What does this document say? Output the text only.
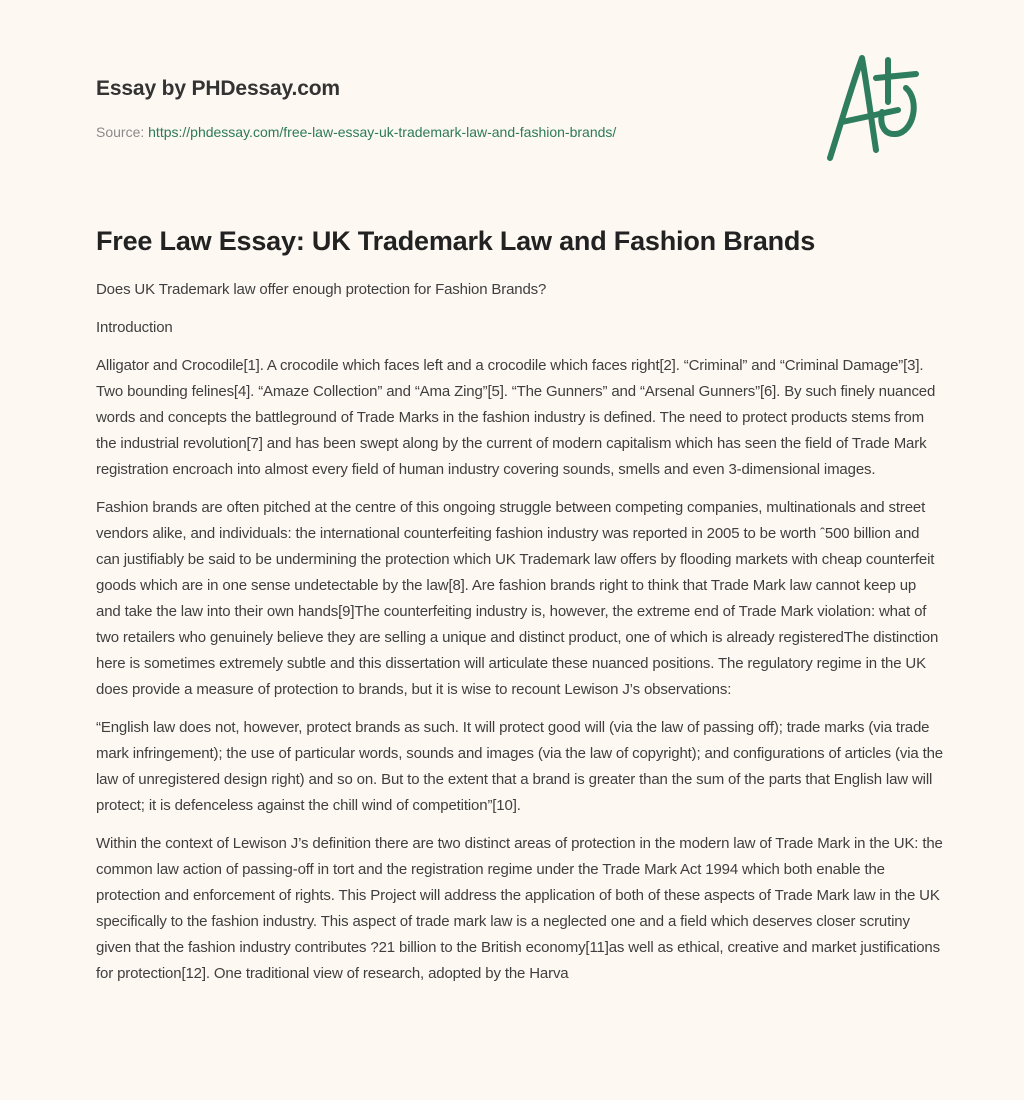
Essay by PHDessay.com

Source: https://phdessay.com/free-law-essay-uk-trademark-law-and-fashion-brands/
Free Law Essay: UK Trademark Law and Fashion Brands

Does UK Trademark law offer enough protection for Fashion Brands?

Introduction

Alligator and Crocodile[1]. A crocodile which faces left and a crocodile which faces right[2]. “Criminal” and “Criminal Damage”[3]. Two bounding felines[4]. “Amaze Collection” and “Ama Zing”[5]. “The Gunners” and “Arsenal Gunners”[6]. By such finely nuanced words and concepts the battleground of Trade Marks in the fashion industry is defined. The need to protect products stems from the industrial revolution[7] and has been swept along by the current of modern capitalism which has seen the field of Trade Mark registration encroach into almost every field of human industry covering sounds, smells and even 3-dimensional images.

Fashion brands are often pitched at the centre of this ongoing struggle between competing companies, multinationals and street vendors alike, and individuals: the international counterfeiting fashion industry was reported in 2005 to be worth ˆ500 billion and can justifiably be said to be undermining the protection which UK Trademark law offers by flooding markets with cheap counterfeit goods which are in one sense undetectable by the law[8]. Are fashion brands right to think that Trade Mark law cannot keep up and take the law into their own hands[9]The counterfeiting industry is, however, the extreme end of Trade Mark violation: what of two retailers who genuinely believe they are selling a unique and distinct product, one of which is already registeredThe distinction here is sometimes extremely subtle and this dissertation will articulate these nuanced positions. The regulatory regime in the UK does provide a measure of protection to brands, but it is wise to recount Lewison J’s observations:

“English law does not, however, protect brands as such. It will protect good will (via the law of passing off); trade marks (via trade mark infringement); the use of particular words, sounds and images (via the law of copyright); and configurations of articles (via the law of unregistered design right) and so on. But to the extent that a brand is greater than the sum of the parts that English law will protect; it is defenceless against the chill wind of competition”[10].

Within the context of Lewison J’s definition there are two distinct areas of protection in the modern law of Trade Mark in the UK: the common law action of passing-off in tort and the registration regime under the Trade Mark Act 1994 which both enable the protection and enforcement of rights. This Project will address the application of both of these aspects of Trade Mark law in the UK specifically to the fashion industry. This aspect of trade mark law is a neglected one and a field which deserves closer scrutiny given that the fashion industry contributes ?21 billion to the British economy[11]as well as ethical, creative and market justifications for protection[12]. One traditional view of research, adopted by the Harva
